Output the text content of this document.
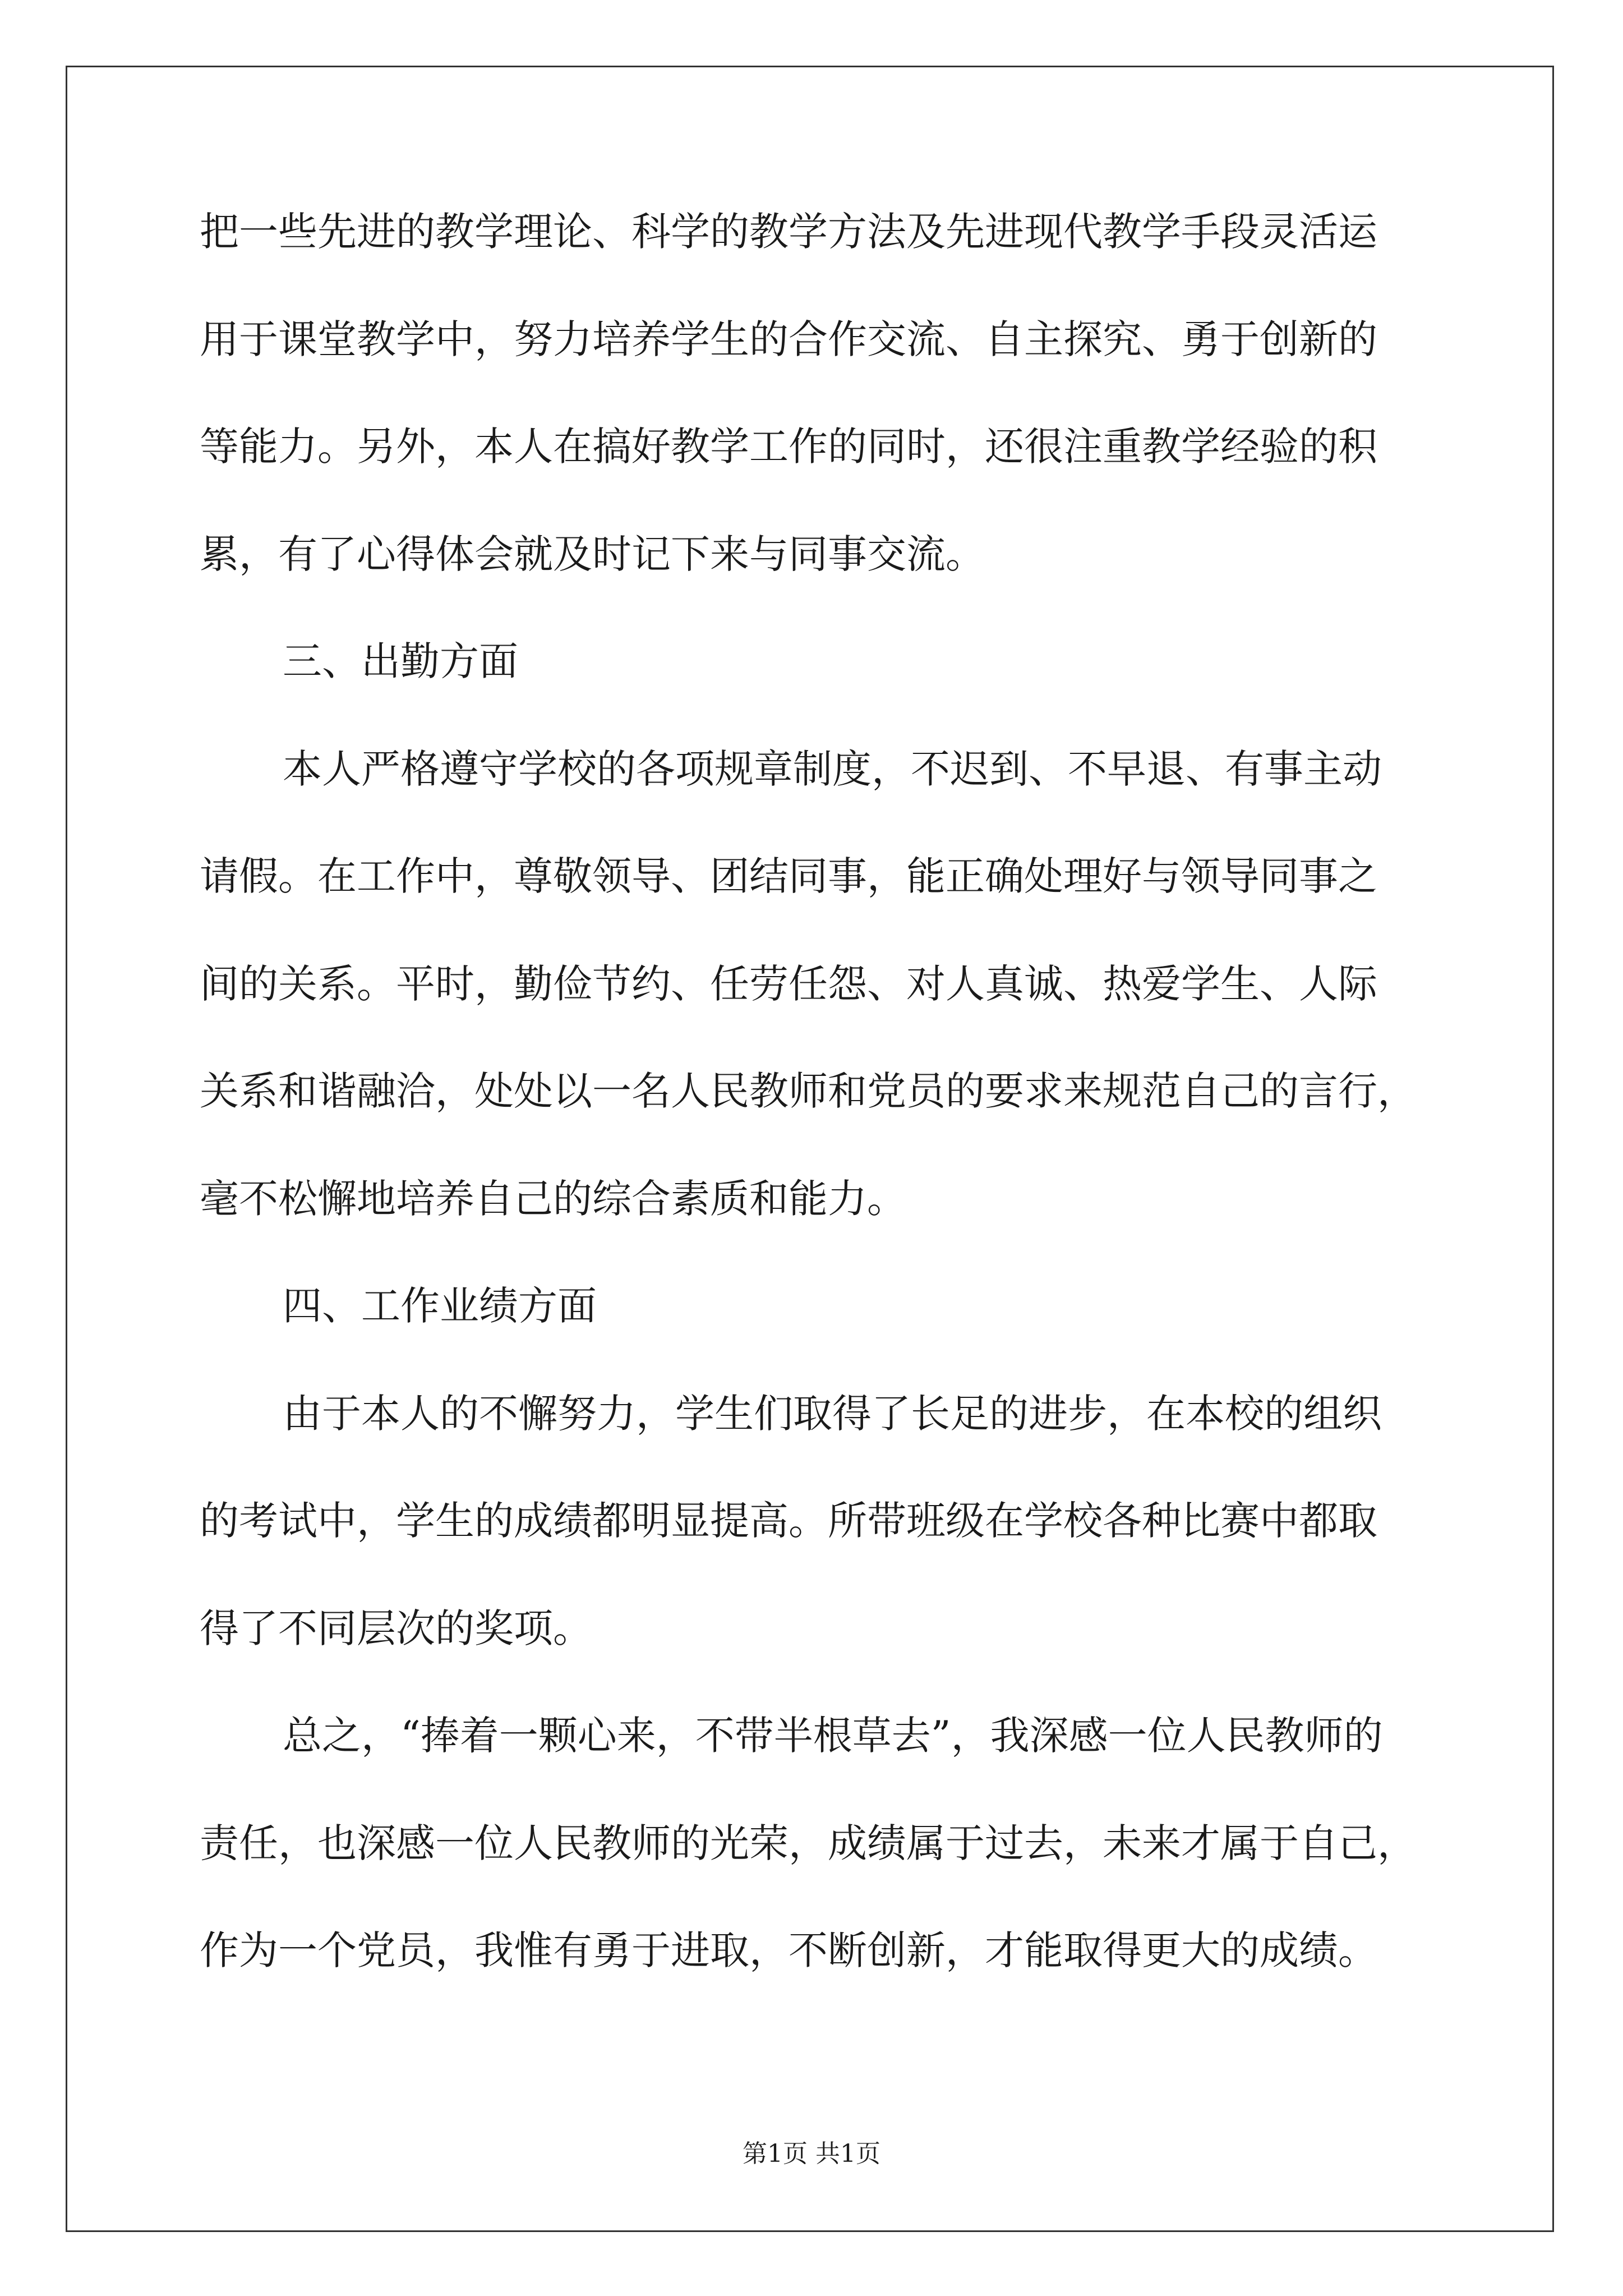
把一些先进的教学理论、科学的教学方法及先进现代教学手段灵活运
用于课堂教学中，努力培养学生的合作交流、自主探究、勇于创新的
等能力。另外，本人在搞好教学工作的同时，还很注重教学经验的积
累，有了心得体会就及时记下来与同事交流。
三、出勤方面
本人严格遵守学校的各项规章制度，不迟到、不早退、有事主动
请假。在工作中，尊敬领导、团结同事，能正确处理好与领导同事之
间的关系。平时，勤俭节约、任劳任怨、对人真诚、热爱学生、人际
关系和谐融洽，处处以一名人民教师和党员的要求来规范自己的言行，
毫不松懈地培养自己的综合素质和能力。
四、工作业绩方面
由于本人的不懈努力，学生们取得了长足的进步，在本校的组织
的考试中，学生的成绩都明显提高。所带班级在学校各种比赛中都取
得了不同层次的奖项。
总之，“捧着一颗心来，不带半根草去”，我深感一位人民教师的
责任，也深感一位人民教师的光荣，成绩属于过去，未来才属于自己，
作为一个党员，我惟有勇于进取，不断创新，才能取得更大的成绩。
第1页 共1页
